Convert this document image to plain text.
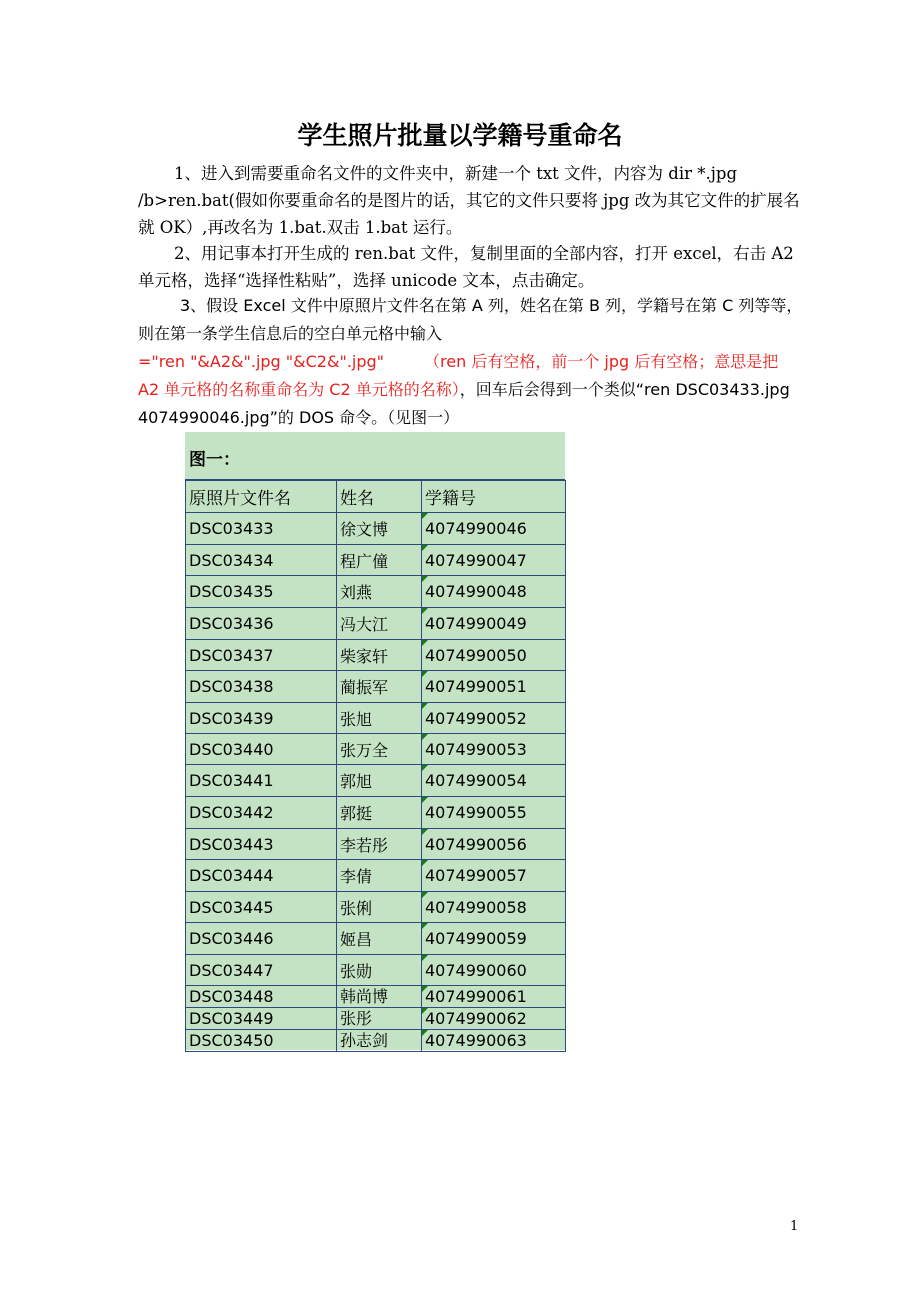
学生照片批量以学籍号重命名

1、进入到需要重命名文件的文件夹中，新建一个 txt 文件，内容为 dir *.jpg /b>ren.bat(假如你要重命名的是图片的话，其它的文件只要将 jpg 改为其它文件的扩展名就 OK）,再改名为 1.bat.双击 1.bat 运行。

2、用记事本打开生成的 ren.bat 文件，复制里面的全部内容，打开 excel，右击 A2 单元格，选择“选择性粘贴”，选择 unicode 文本，点击确定。

3、假设 Excel 文件中原照片文件名在第 A 列，姓名在第 B 列，学籍号在第 C 列等等，则在第一条学生信息后的空白单元格中输入
="ren "&A2&".jpg "&C2&".jpg"	（ren 后有空格，前一个 jpg 后有空格；意思是把 A2 单元格的名称重命名为 C2 单元格的名称），回车后会得到一个类似“ren DSC03433.jpg 4074990046.jpg”的 DOS 命令。（见图一）

图一：
原照片文件名	姓名	学籍号
DSC03433	徐文博	4074990046
DSC03434	程广僮	4074990047
DSC03435	刘燕	4074990048
DSC03436	冯大江	4074990049
DSC03437	柴家轩	4074990050
DSC03438	蔺振军	4074990051
DSC03439	张旭	4074990052
DSC03440	张万全	4074990053
DSC03441	郭旭	4074990054
DSC03442	郭挺	4074990055
DSC03443	李若彤	4074990056
DSC03444	李倩	4074990057
DSC03445	张俐	4074990058
DSC03446	姬昌	4074990059
DSC03447	张勋	4074990060
DSC03448	韩尚博	4074990061
DSC03449	张彤	4074990062
DSC03450	孙志剑	4074990063
1
